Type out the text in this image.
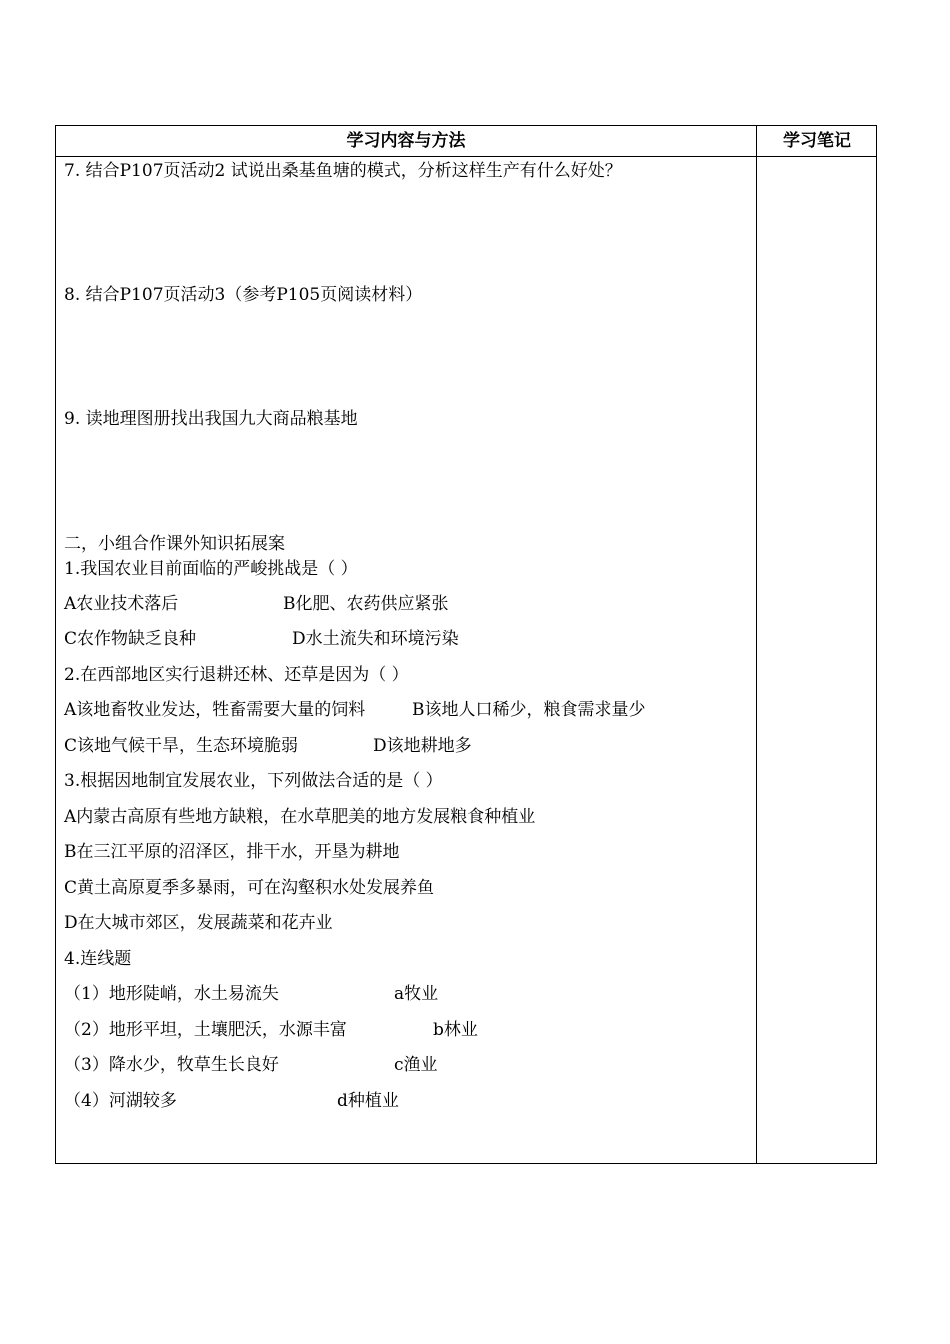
学习内容与方法	学习笔记
7. 结合P107页活动2 试说出桑基鱼塘的模式，分析这样生产有什么好处？
8. 结合P107页活动3（参考P105页阅读材料）
9. 读地理图册找出我国九大商品粮基地
二，小组合作课外知识拓展案
1.我国农业目前面临的严峻挑战是（ ）
A农业技术落后	B化肥、农药供应紧张
C农作物缺乏良种	D水土流失和环境污染
2.在西部地区实行退耕还林、还草是因为（ ）
A该地畜牧业发达，牲畜需要大量的饲料	B该地人口稀少，粮食需求量少
C该地气候干旱，生态环境脆弱	D该地耕地多
3.根据因地制宜发展农业，下列做法合适的是（ ）
A内蒙古高原有些地方缺粮，在水草肥美的地方发展粮食种植业
B在三江平原的沼泽区，排干水，开垦为耕地
C黄土高原夏季多暴雨，可在沟壑积水处发展养鱼
D在大城市郊区，发展蔬菜和花卉业
4.连线题
（1）地形陡峭，水土易流失	a牧业
（2）地形平坦，土壤肥沃，水源丰富	b林业
（3）降水少，牧草生长良好	c渔业
（4）河湖较多	d种植业
